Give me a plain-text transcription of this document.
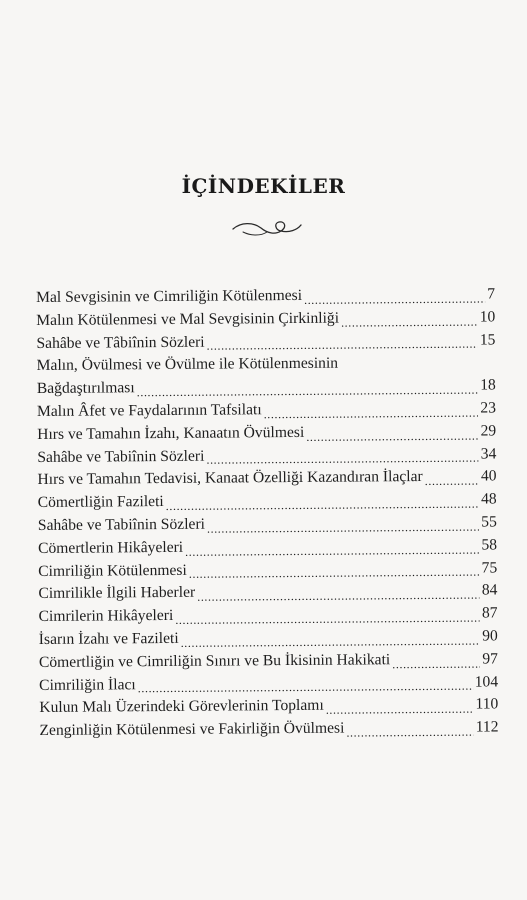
İÇİNDEKİLER
Mal Sevgisinin ve Cimriliğin Kötülenmesi .....	7
Malın Kötülenmesi ve Mal Sevgisinin Çirkinliği .....	10
Sahâbe ve Tâbiînin Sözleri .....	15
Malın, Övülmesi ve Övülme ile Kötülenmesinin
Bağdaştırılması .....	18
Malın Âfet ve Faydalarının Tafsilatı .....	23
Hırs ve Tamahın İzahı, Kanaatın Övülmesi .....	29
Sahâbe ve Tabiînin Sözleri .....	34
Hırs ve Tamahın Tedavisi, Kanaat Özelliği Kazandıran İlaçlar .....	40
Cömertliğin Fazileti .....	48
Sahâbe ve Tabiînin Sözleri .....	55
Cömertlerin Hikâyeleri .....	58
Cimriliğin Kötülenmesi .....	75
Cimrilikle İlgili Haberler .....	84
Cimrilerin Hikâyeleri .....	87
İsarın İzahı ve Fazileti .....	90
Cömertliğin ve Cimriliğin Sınırı ve Bu İkisinin Hakikati .....	97
Cimriliğin İlacı .....	104
Kulun Malı Üzerindeki Görevlerinin Toplamı .....	110
Zenginliğin Kötülenmesi ve Fakirliğin Övülmesi .....	112
